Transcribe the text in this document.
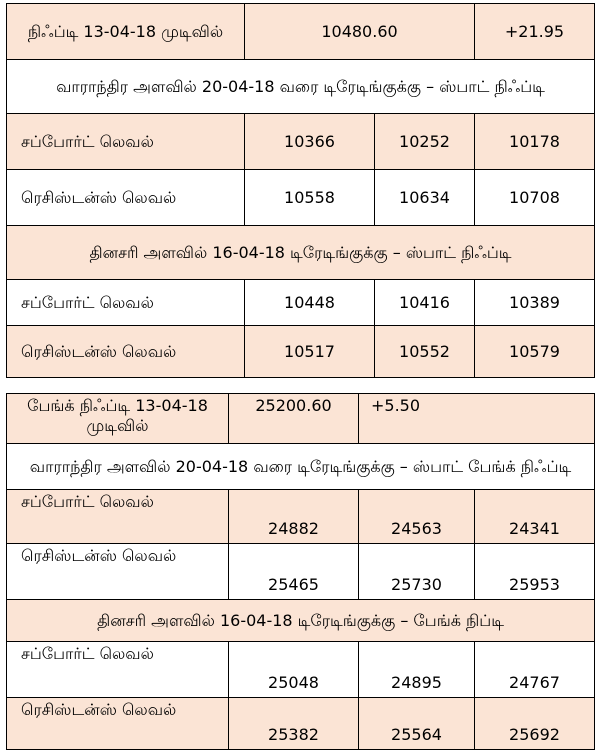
நிஃப்டி 13-04-18 முடிவில்	10480.60		+21.95
வாராந்திர அளவில் 20-04-18 வரை டிரேடிங்குக்கு – ஸ்பாட் நிஃப்டி			
சப்போர்ட் லெவல்	10366	10252	10178
ரெசிஸ்டன்ஸ் லெவல்	10558	10634	10708
தினசரி அளவில் 16-04-18 டிரேடிங்குக்கு – ஸ்பாட் நிஃப்டி			
சப்போர்ட் லெவல்	10448	10416	10389
ரெசிஸ்டன்ஸ் லெவல்	10517	10552	10579
பேங்க் நிஃப்டி 13-04-18 முடிவில்	25200.60	+5.50	
வாராந்திர அளவில் 20-04-18 வரை டிரேடிங்குக்கு – ஸ்பாட் பேங்க் நிஃப்டி			
சப்போர்ட் லெவல்	24882	24563	24341
ரெசிஸ்டன்ஸ் லெவல்	25465	25730	25953
தினசரி அளவில் 16-04-18 டிரேடிங்குக்கு – பேங்க் நிப்டி			
சப்போர்ட் லெவல்	25048	24895	24767
ரெசிஸ்டன்ஸ் லெவல்	25382	25564	25692
